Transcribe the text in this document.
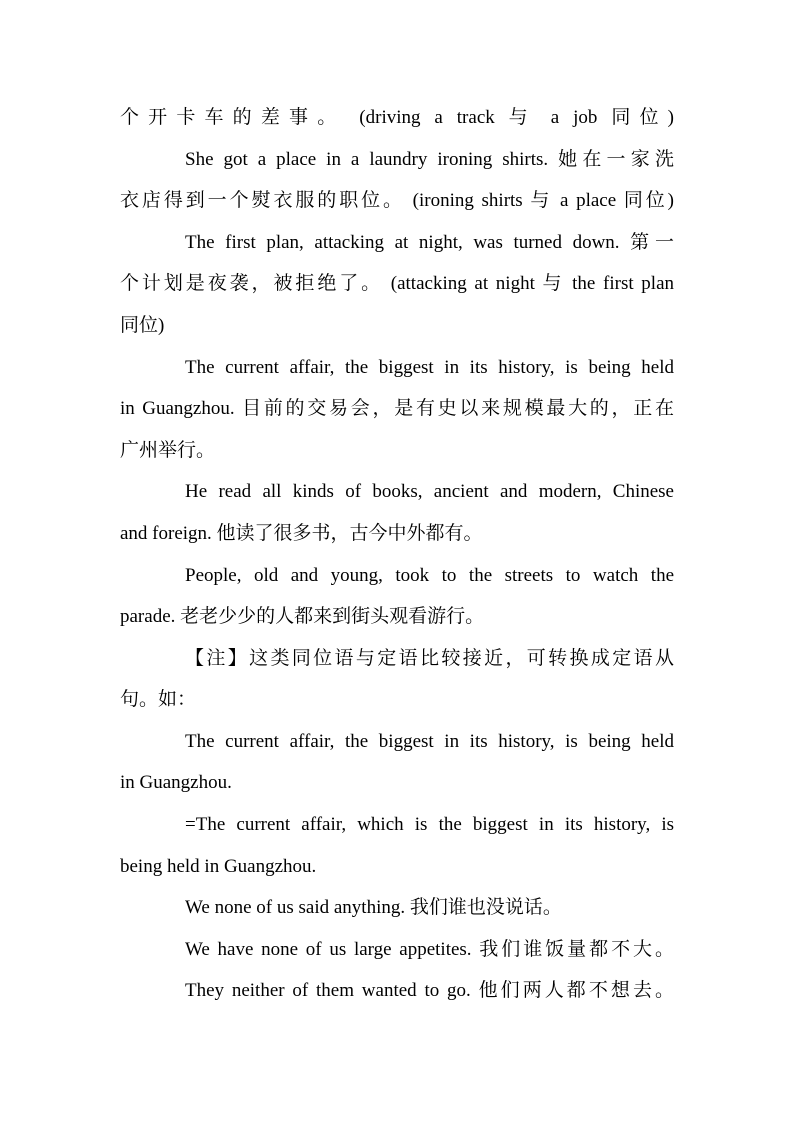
个开卡车的差事。 (driving a track 与 a job 同位)
She got a place in a laundry ironing shirts. 她在一家洗
衣店得到一个熨衣服的职位。 (ironing shirts 与 a place 同位)
The first plan, attacking at night, was turned down. 第一
个计划是夜袭，被拒绝了。 (attacking at night 与 the first plan
同位)
The current affair, the biggest in its history, is being held
in Guangzhou. 目前的交易会，是有史以来规模最大的，正在
广州举行。
He read all kinds of books, ancient and modern, Chinese
and foreign. 他读了很多书，古今中外都有。
People, old and young, took to the streets to watch the
parade. 老老少少的人都来到街头观看游行。
【注】这类同位语与定语比较接近，可转换成定语从
句。如：
The current affair, the biggest in its history, is being held
in Guangzhou.
=The current affair, which is the biggest in its history, is
being held in Guangzhou.
We none of us said anything. 我们谁也没说话。
We have none of us large appetites. 我们谁饭量都不大。
They neither of them wanted to go. 他们两人都不想去。
